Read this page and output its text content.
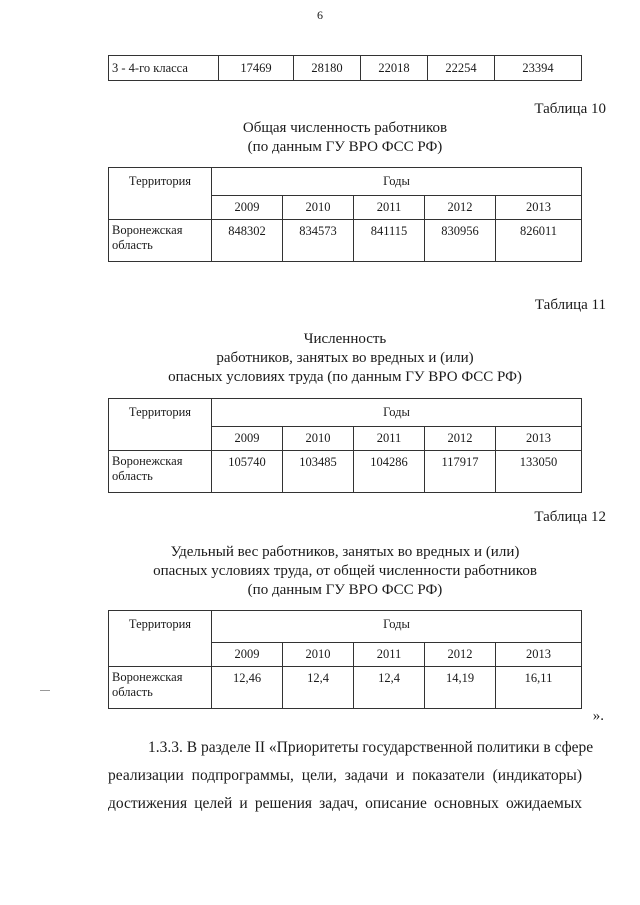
6
3 - 4-го класса	17469	28180	22018	22254	23394
Таблица 10
Общая численность работников
(по данным ГУ ВРО ФСС РФ)
Территория	Годы				
	2009	2010	2011	2012	2013

Воронежская
область	848302	834573	841115	830956	826011
Таблица 11
Численность
работников, занятых во вредных и (или)
опасных условиях труда (по данным ГУ ВРО ФСС РФ)
Территория	Годы				
	2009	2010	2011	2012	2013

Воронежская
область	105740	103485	104286	117917	133050
Таблица 12
Удельный вес работников, занятых во вредных и (или)
опасных условиях труда, от общей численности работников
(по данным ГУ ВРО ФСС РФ)
Территория	Годы				
	2009	2010	2011	2012	2013

Воронежская
область	12,46	12,4	12,4	14,19	16,11
».
1.3.3. В разделе II «Приоритеты государственной политики в сфере
реализации подпрограммы, цели, задачи и показатели (индикаторы)
достижения целей и решения задач, описание основных ожидаемых
